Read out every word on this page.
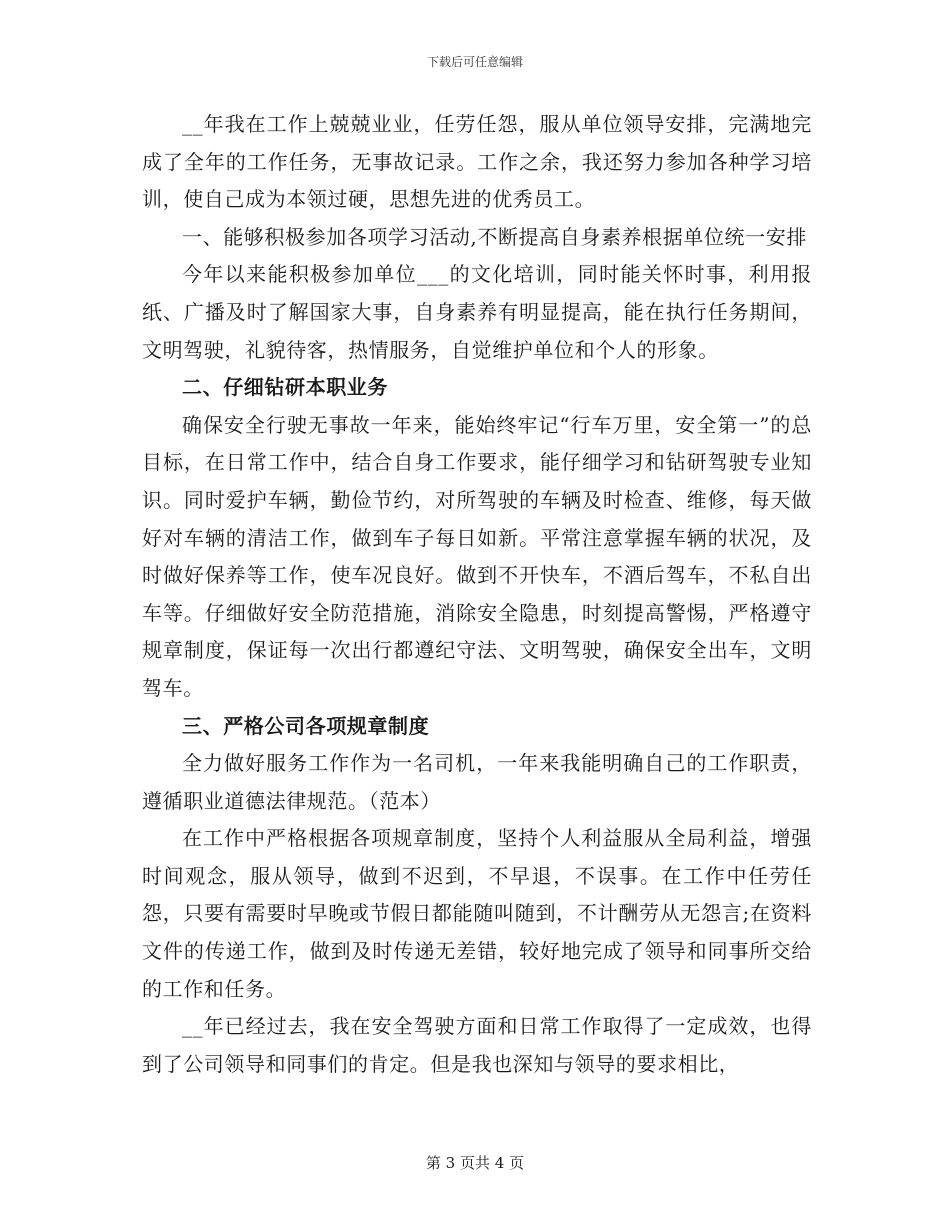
下载后可任意编辑

__年我在工作上兢兢业业，任劳任怨，服从单位领导安排，完满地完成了全年的工作任务，无事故记录。工作之余，我还努力参加各种学习培训，使自己成为本领过硬，思想先进的优秀员工。

一、能够积极参加各项学习活动,不断提高自身素养根据单位统一安排

今年以来能积极参加单位___的文化培训，同时能关怀时事，利用报纸、广播及时了解国家大事，自身素养有明显提高，能在执行任务期间，文明驾驶，礼貌待客，热情服务，自觉维护单位和个人的形象。

二、仔细钻研本职业务

确保安全行驶无事故一年来，能始终牢记“行车万里，安全第一”的总目标，在日常工作中，结合自身工作要求，能仔细学习和钻研驾驶专业知识。同时爱护车辆，勤俭节约，对所驾驶的车辆及时检查、维修，每天做好对车辆的清洁工作，做到车子每日如新。平常注意掌握车辆的状况，及时做好保养等工作，使车况良好。做到不开快车，不酒后驾车，不私自出车等。仔细做好安全防范措施，消除安全隐患，时刻提高警惕，严格遵守规章制度，保证每一次出行都遵纪守法、文明驾驶，确保安全出车，文明驾车。

三、严格公司各项规章制度

全力做好服务工作作为一名司机，一年来我能明确自己的工作职责，遵循职业道德法律规范。（范本）

在工作中严格根据各项规章制度，坚持个人利益服从全局利益，增强时间观念，服从领导，做到不迟到，不早退，不误事。在工作中任劳任怨，只要有需要时早晚或节假日都能随叫随到，不计酬劳从无怨言;在资料文件的传递工作，做到及时传递无差错，较好地完成了领导和同事所交给的工作和任务。

__年已经过去，我在安全驾驶方面和日常工作取得了一定成效，也得到了公司领导和同事们的肯定。但是我也深知与领导的要求相比，

第 3 页共 4 页
